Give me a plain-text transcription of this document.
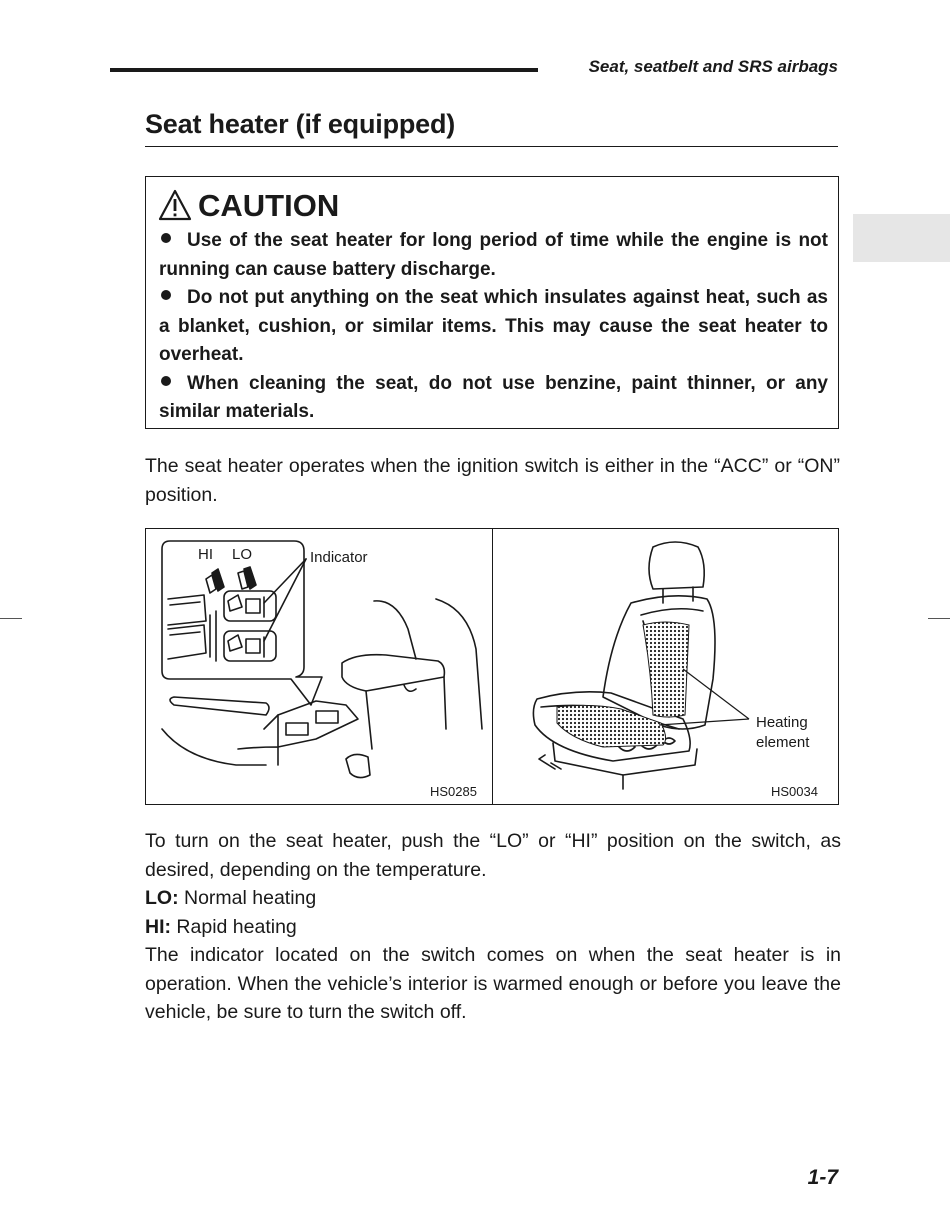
Seat, seatbelt and SRS airbags
Seat heater (if equipped)
CAUTION
Use of the seat heater for long period of time while the engine is not running can cause battery discharge.
Do not put anything on the seat which insulates against heat, such as a blanket, cushion, or similar items. This may cause the seat heater to overheat.
When cleaning the seat, do not use benzine, paint thinner, or any similar materials.
The seat heater operates when the ignition switch is either in the “ACC” or “ON” position.
HI LO	Indicator
HS0285
Heating
element
HS0034

To turn on the seat heater, push the “LO” or “HI” position on the switch, as desired, depending on the temperature.

LO: Normal heating

HI: Rapid heating

The indicator located on the switch comes on when the seat heater is in operation. When the vehicle’s interior is warmed enough or before you leave the vehicle, be sure to turn the switch off.

1-7
